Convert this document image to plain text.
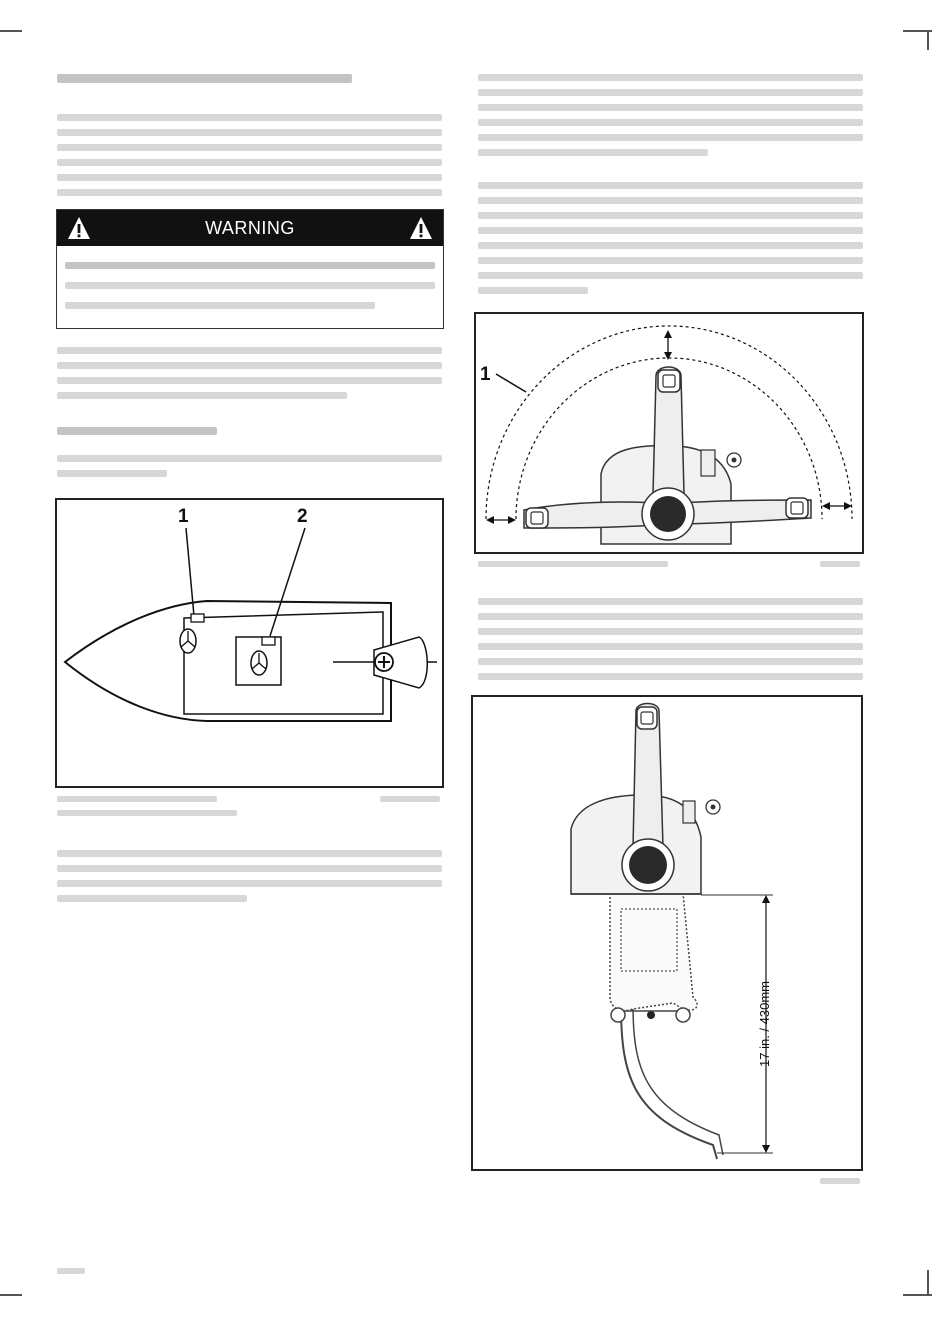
WARNING
1	2
1
17 in. / 430mm
